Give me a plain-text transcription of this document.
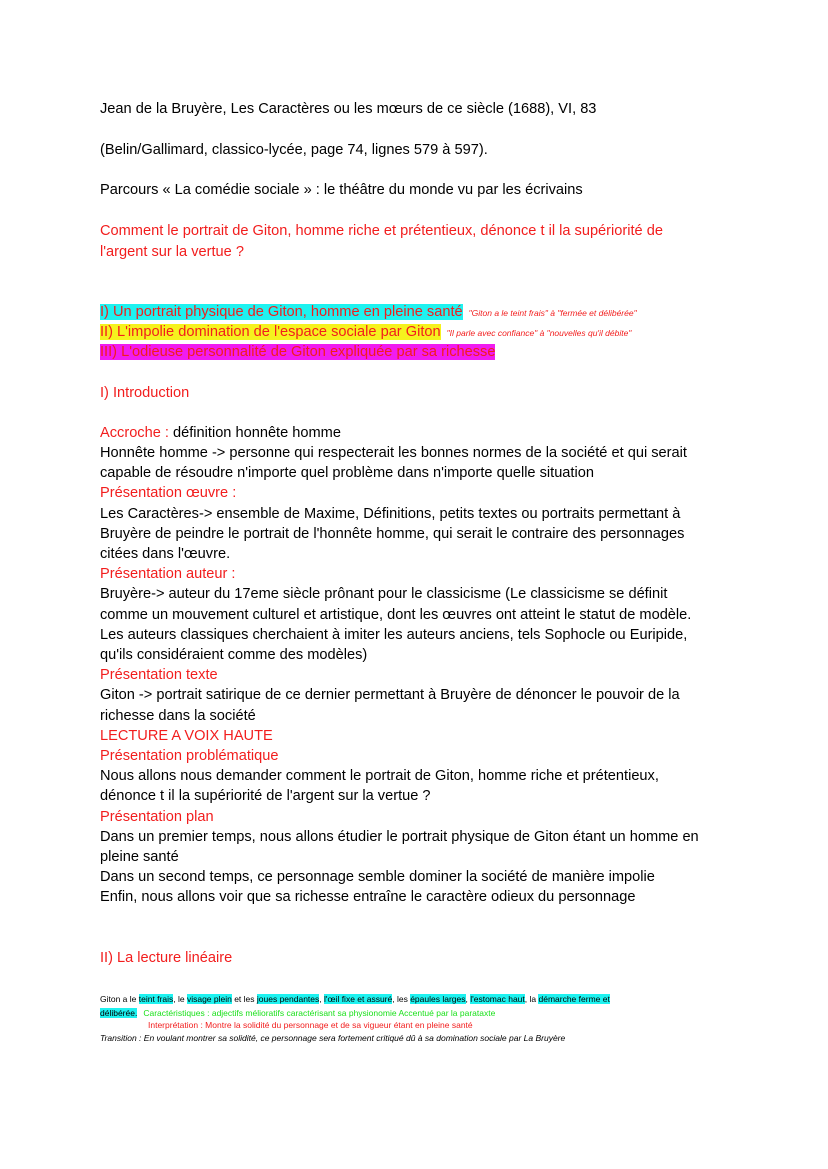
Jean de la Bruyère, Les Caractères ou les mœurs de ce siècle (1688), VI, 83
(Belin/Gallimard, classico-lycée, page 74, lignes 579 à 597).
Parcours « La comédie sociale » : le théâtre du monde vu par les écrivains
Comment le portrait de Giton, homme riche et prétentieux, dénonce t il la supériorité de
l'argent sur la vertue ?
I) Un portrait physique de Giton, homme en pleine santé "Giton a le teint frais" à "fermée et délibérée"
II) L'impolie domination de l'espace sociale par Giton "Il parle avec confiance" à "nouvelles qu'il débite"
III) L'odieuse personnalité de Giton expliquée par sa richesse
I) Introduction
Accroche : définition honnête homme
Honnête homme -> personne qui respecterait les bonnes normes de la société et qui serait
capable de résoudre n'importe quel problème dans n'importe quelle situation
Présentation œuvre :
Les Caractères-> ensemble de Maxime, Définitions, petits textes ou portraits permettant à
Bruyère de peindre le portrait de l'honnête homme, qui serait le contraire des personnages
citées dans l'œuvre.
Présentation auteur :
Bruyère-> auteur du 17eme siècle prônant pour le classicisme (Le classicisme se définit
comme un mouvement culturel et artistique, dont les œuvres ont atteint le statut de modèle.
Les auteurs classiques cherchaient à imiter les auteurs anciens, tels Sophocle ou Euripide,
qu'ils considéraient comme des modèles)
Présentation texte
Giton -> portrait satirique de ce dernier permettant à Bruyère de dénoncer le pouvoir de la
richesse dans la société
LECTURE A VOIX HAUTE
Présentation problématique
Nous allons nous demander comment le portrait de Giton, homme riche et prétentieux,
dénonce t il la supériorité de l'argent sur la vertue ?
Présentation plan
Dans un premier temps, nous allons étudier le portrait physique de Giton étant un homme en
pleine santé
Dans un second temps, ce personnage semble dominer la société de manière impolie
Enfin, nous allons voir que sa richesse entraîne le caractère odieux du personnage
II) La lecture linéaire
Giton a le teint frais, le visage plein et les joues pendantes, l'œil fixe et assuré, les épaules larges, l'estomac haut, la démarche ferme et
délibérée. Caractéristiques : adjectifs mélioratifs caractérisant sa physionomie Accentué par la parataxte
Interprétation : Montre la solidité du personnage et de sa vigueur étant en pleine santé
Transition : En voulant montrer sa solidité, ce personnage sera fortement critiqué dû à sa domination sociale par La Bruyère
